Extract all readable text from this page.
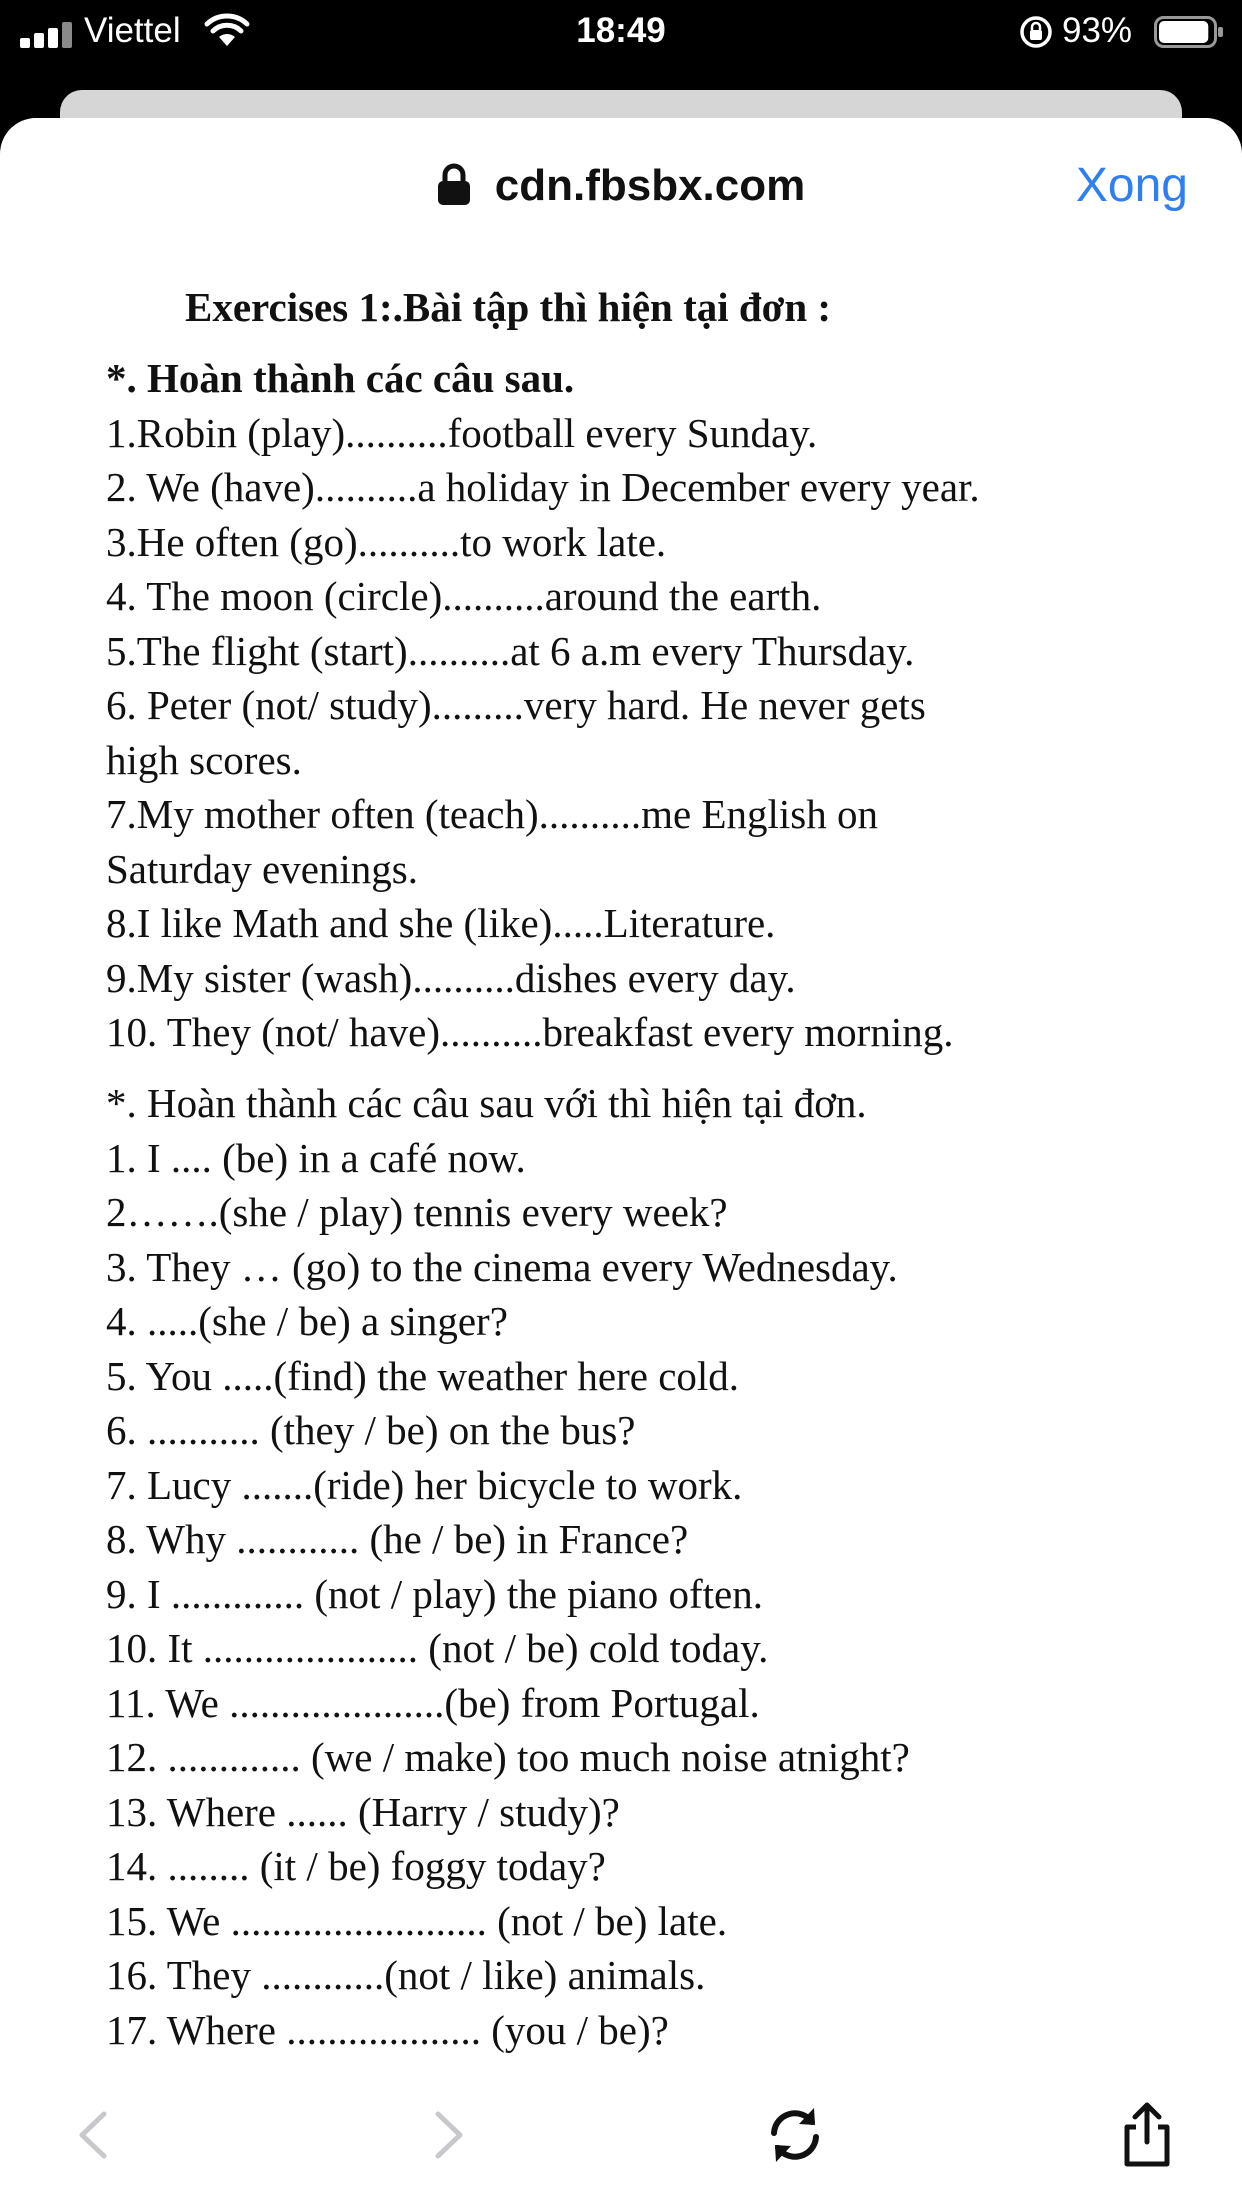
Viettel	18:49	93%
cdn.fbsbx.com	Xong
Exercises 1:.Bài tập thì hiện tại đơn :
*. Hoàn thành các câu sau.
1.Robin (play)..........football every Sunday.
2. We (have)..........a holiday in December every year.
3.He often (go)..........to work late.
4. The moon (circle)..........around the earth.
5.The flight (start)..........at 6 a.m every Thursday.
6. Peter (not/ study).........very hard. He never gets
high scores.
7.My mother often (teach)..........me English on
Saturday evenings.
8.I like Math and she (like).....Literature.
9.My sister (wash)..........dishes every day.
10. They (not/ have)..........breakfast every morning.
*. Hoàn thành các câu sau với thì hiện tại đơn.
1. I .... (be) in a café now.
2…….(she / play) tennis every week?
3. They … (go) to the cinema every Wednesday.
4. .....(she / be) a singer?
5. You .....(find) the weather here cold.
6. ........... (they / be) on the bus?
7. Lucy .......(ride) her bicycle to work.
8. Why ............ (he / be) in France?
9. I ............. (not / play) the piano often.
10. It ..................... (not / be) cold today.
11. We .....................(be) from Portugal.
12. ............. (we / make) too much noise atnight?
13. Where ...... (Harry / study)?
14. ........ (it / be) foggy today?
15. We ......................... (not / be) late.
16. They ............(not / like) animals.
17. Where ................... (you / be)?
